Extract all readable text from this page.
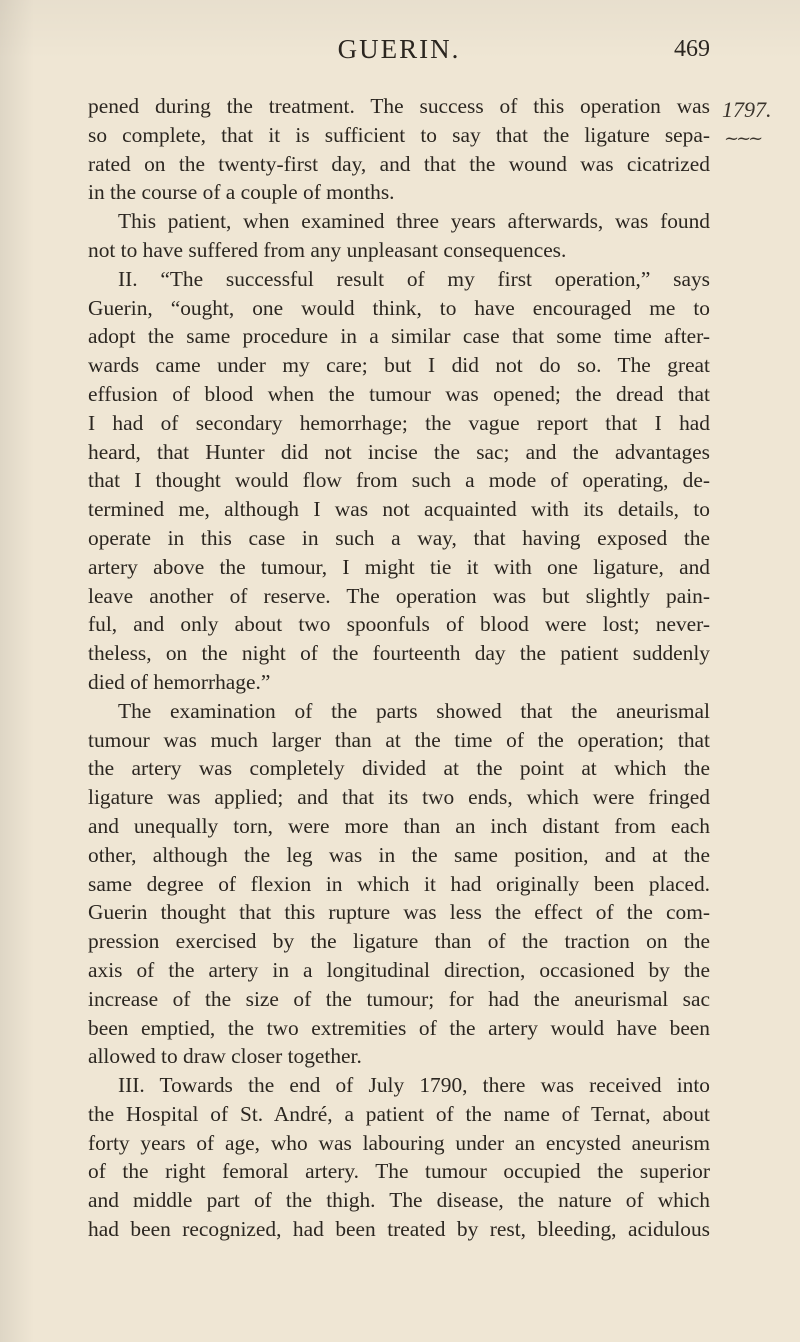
GUERIN.	469
1797.
~~~
pened during the treatment. The success of this operation was
so complete, that it is sufficient to say that the ligature sepa-
rated on the twenty-first day, and that the wound was cicatrized
in the course of a couple of months.
This patient, when examined three years afterwards, was found
not to have suffered from any unpleasant consequences.
II. “The successful result of my first operation,” says
Guerin, “ought, one would think, to have encouraged me to
adopt the same procedure in a similar case that some time after-
wards came under my care; but I did not do so. The great
effusion of blood when the tumour was opened; the dread that
I had of secondary hemorrhage; the vague report that I had
heard, that Hunter did not incise the sac; and the advantages
that I thought would flow from such a mode of operating, de-
termined me, although I was not acquainted with its details, to
operate in this case in such a way, that having exposed the
artery above the tumour, I might tie it with one ligature, and
leave another of reserve. The operation was but slightly pain-
ful, and only about two spoonfuls of blood were lost; never-
theless, on the night of the fourteenth day the patient suddenly
died of hemorrhage.”
The examination of the parts showed that the aneurismal
tumour was much larger than at the time of the operation; that
the artery was completely divided at the point at which the
ligature was applied; and that its two ends, which were fringed
and unequally torn, were more than an inch distant from each
other, although the leg was in the same position, and at the
same degree of flexion in which it had originally been placed.
Guerin thought that this rupture was less the effect of the com-
pression exercised by the ligature than of the traction on the
axis of the artery in a longitudinal direction, occasioned by the
increase of the size of the tumour; for had the aneurismal sac
been emptied, the two extremities of the artery would have been
allowed to draw closer together.
III. Towards the end of July 1790, there was received into
the Hospital of St. André, a patient of the name of Ternat, about
forty years of age, who was labouring under an encysted aneurism
of the right femoral artery. The tumour occupied the superior
and middle part of the thigh. The disease, the nature of which
had been recognized, had been treated by rest, bleeding, acidulous
